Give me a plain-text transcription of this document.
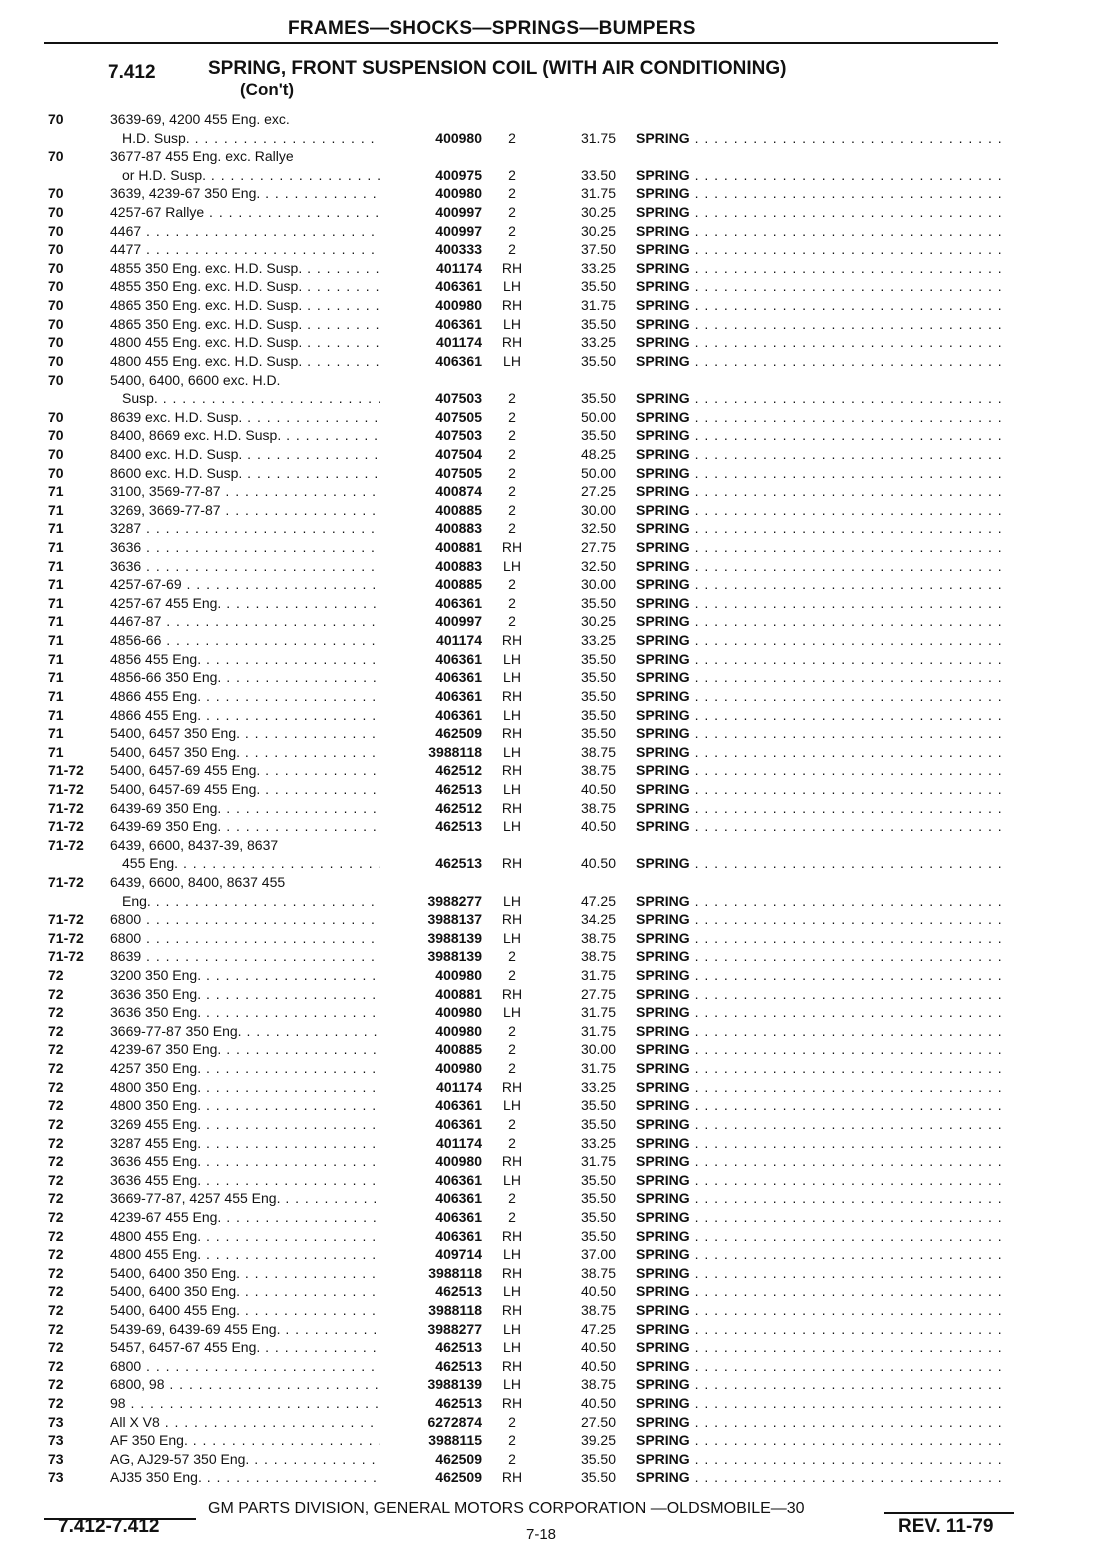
FRAMES—SHOCKS—SPRINGS—BUMPERS
7.412	SPRING, FRONT SUSPENSION COIL (WITH AIR CONDITIONING)
(Con't)
70	3639-69, 4200 455 Eng. exc.
H.D. Susp. . . .	400980	2	31.75 SPRING . . .
70	3677-87 455 Eng. exc. Rallye
or H.D. Susp. . . .	400975	2	33.50 SPRING . . .
70	3639, 4239-67 350 Eng. . . .	400980	2	31.75 SPRING . . .
70	4257-67 Rallye . . .	400997	2	30.25 SPRING . . .
70	4467 . . .	400997	2	30.25 SPRING . . .
70	4477 . . .	400333	2	37.50 SPRING . . .
70	4855 350 Eng. exc. H.D. Susp. . . .	401174	RH	33.25 SPRING . . .
70	4855 350 Eng. exc. H.D. Susp. . . .	406361	LH	35.50 SPRING . . .
70	4865 350 Eng. exc. H.D. Susp. . . .	400980	RH	31.75 SPRING . . .
70	4865 350 Eng. exc. H.D. Susp. . . .	406361	LH	35.50 SPRING . . .
70	4800 455 Eng. exc. H.D. Susp. . . .	401174	RH	33.25 SPRING . . .
70	4800 455 Eng. exc. H.D. Susp. . . .	406361	LH	35.50 SPRING . . .
70	5400, 6400, 6600 exc. H.D.
Susp. . . .	407503	2	35.50 SPRING . . .
70	8639 exc. H.D. Susp. . . .	407505	2	50.00 SPRING . . .
70	8400, 8669 exc. H.D. Susp. . . .	407503	2	35.50 SPRING . . .
70	8400 exc. H.D. Susp. . . .	407504	2	48.25 SPRING . . .
70	8600 exc. H.D. Susp. . . .	407505	2	50.00 SPRING . . .
71	3100, 3569-77-87 . . .	400874	2	27.25 SPRING . . .
71	3269, 3669-77-87 . . .	400885	2	30.00 SPRING . . .
71	3287 . . .	400883	2	32.50 SPRING . . .
71	3636 . . .	400881	RH	27.75 SPRING . . .
71	3636 . . .	400883	LH	32.50 SPRING . . .
71	4257-67-69 . . .	400885	2	30.00 SPRING . . .
71	4257-67 455 Eng. . . .	406361	2	35.50 SPRING . . .
71	4467-87 . . .	400997	2	30.25 SPRING . . .
71	4856-66 . . .	401174	RH	33.25 SPRING . . .
71	4856 455 Eng. . . .	406361	LH	35.50 SPRING . . .
71	4856-66 350 Eng. . . .	406361	LH	35.50 SPRING . . .
71	4866 455 Eng. . . .	406361	RH	35.50 SPRING . . .
71	4866 455 Eng. . . .	406361	LH	35.50 SPRING . . .
71	5400, 6457 350 Eng. . . .	462509	RH	35.50 SPRING . . .
71	5400, 6457 350 Eng. . . .	3988118	LH	38.75 SPRING . . .
71-72	5400, 6457-69 455 Eng. . . .	462512	RH	38.75 SPRING . . .
71-72	5400, 6457-69 455 Eng. . . .	462513	LH	40.50 SPRING . . .
71-72	6439-69 350 Eng. . . .	462512	RH	38.75 SPRING . . .
71-72	6439-69 350 Eng. . . .	462513	LH	40.50 SPRING . . .
71-72	6439, 6600, 8437-39, 8637
455 Eng. . . .	462513	RH	40.50 SPRING . . .
71-72	6439, 6600, 8400, 8637 455
Eng. . . .	3988277	LH	47.25 SPRING . . .
71-72	6800 . . .	3988137	RH	34.25 SPRING . . .
71-72	6800 . . .	3988139	LH	38.75 SPRING . . .
71-72	8639 . . .	3988139	2	38.75 SPRING . . .
72	3200 350 Eng. . . .	400980	2	31.75 SPRING . . .
72	3636 350 Eng. . . .	400881	RH	27.75 SPRING . . .
72	3636 350 Eng. . . .	400980	LH	31.75 SPRING . . .
72	3669-77-87 350 Eng. . . .	400980	2	31.75 SPRING . . .
72	4239-67 350 Eng. . . .	400885	2	30.00 SPRING . . .
72	4257 350 Eng. . . .	400980	2	31.75 SPRING . . .
72	4800 350 Eng. . . .	401174	RH	33.25 SPRING . . .
72	4800 350 Eng. . . .	406361	LH	35.50 SPRING . . .
72	3269 455 Eng. . . .	406361	2	35.50 SPRING . . .
72	3287 455 Eng. . . .	401174	2	33.25 SPRING . . .
72	3636 455 Eng. . . .	400980	RH	31.75 SPRING . . .
72	3636 455 Eng. . . .	406361	LH	35.50 SPRING . . .
72	3669-77-87, 4257 455 Eng. . . .	406361	2	35.50 SPRING . . .
72	4239-67 455 Eng. . . .	406361	2	35.50 SPRING . . .
72	4800 455 Eng. . . .	406361	RH	35.50 SPRING . . .
72	4800 455 Eng. . . .	409714	LH	37.00 SPRING . . .
72	5400, 6400 350 Eng. . . .	3988118	RH	38.75 SPRING . . .
72	5400, 6400 350 Eng. . . .	462513	LH	40.50 SPRING . . .
72	5400, 6400 455 Eng. . . .	3988118	RH	38.75 SPRING . . .
72	5439-69, 6439-69 455 Eng. . . .	3988277	LH	47.25 SPRING . . .
72	5457, 6457-67 455 Eng. . . .	462513	LH	40.50 SPRING . . .
72	6800 . . .	462513	RH	40.50 SPRING . . .
72	6800, 98 . . .	3988139	LH	38.75 SPRING . . .
72	98 . . .	462513	RH	40.50 SPRING . . .
73	All X V8 . . .	6272874	2	27.50 SPRING . . .
73	AF 350 Eng. . . .	3988115	2	39.25 SPRING . . .
73	AG, AJ29-57 350 Eng. . . .	462509	2	35.50 SPRING . . .
73	AJ35 350 Eng. . . .	462509	RH	35.50 SPRING . . .
GM PARTS DIVISION, GENERAL MOTORS CORPORATION —OLDSMOBILE—30
7-18
7.412-7.412	REV. 11-79
